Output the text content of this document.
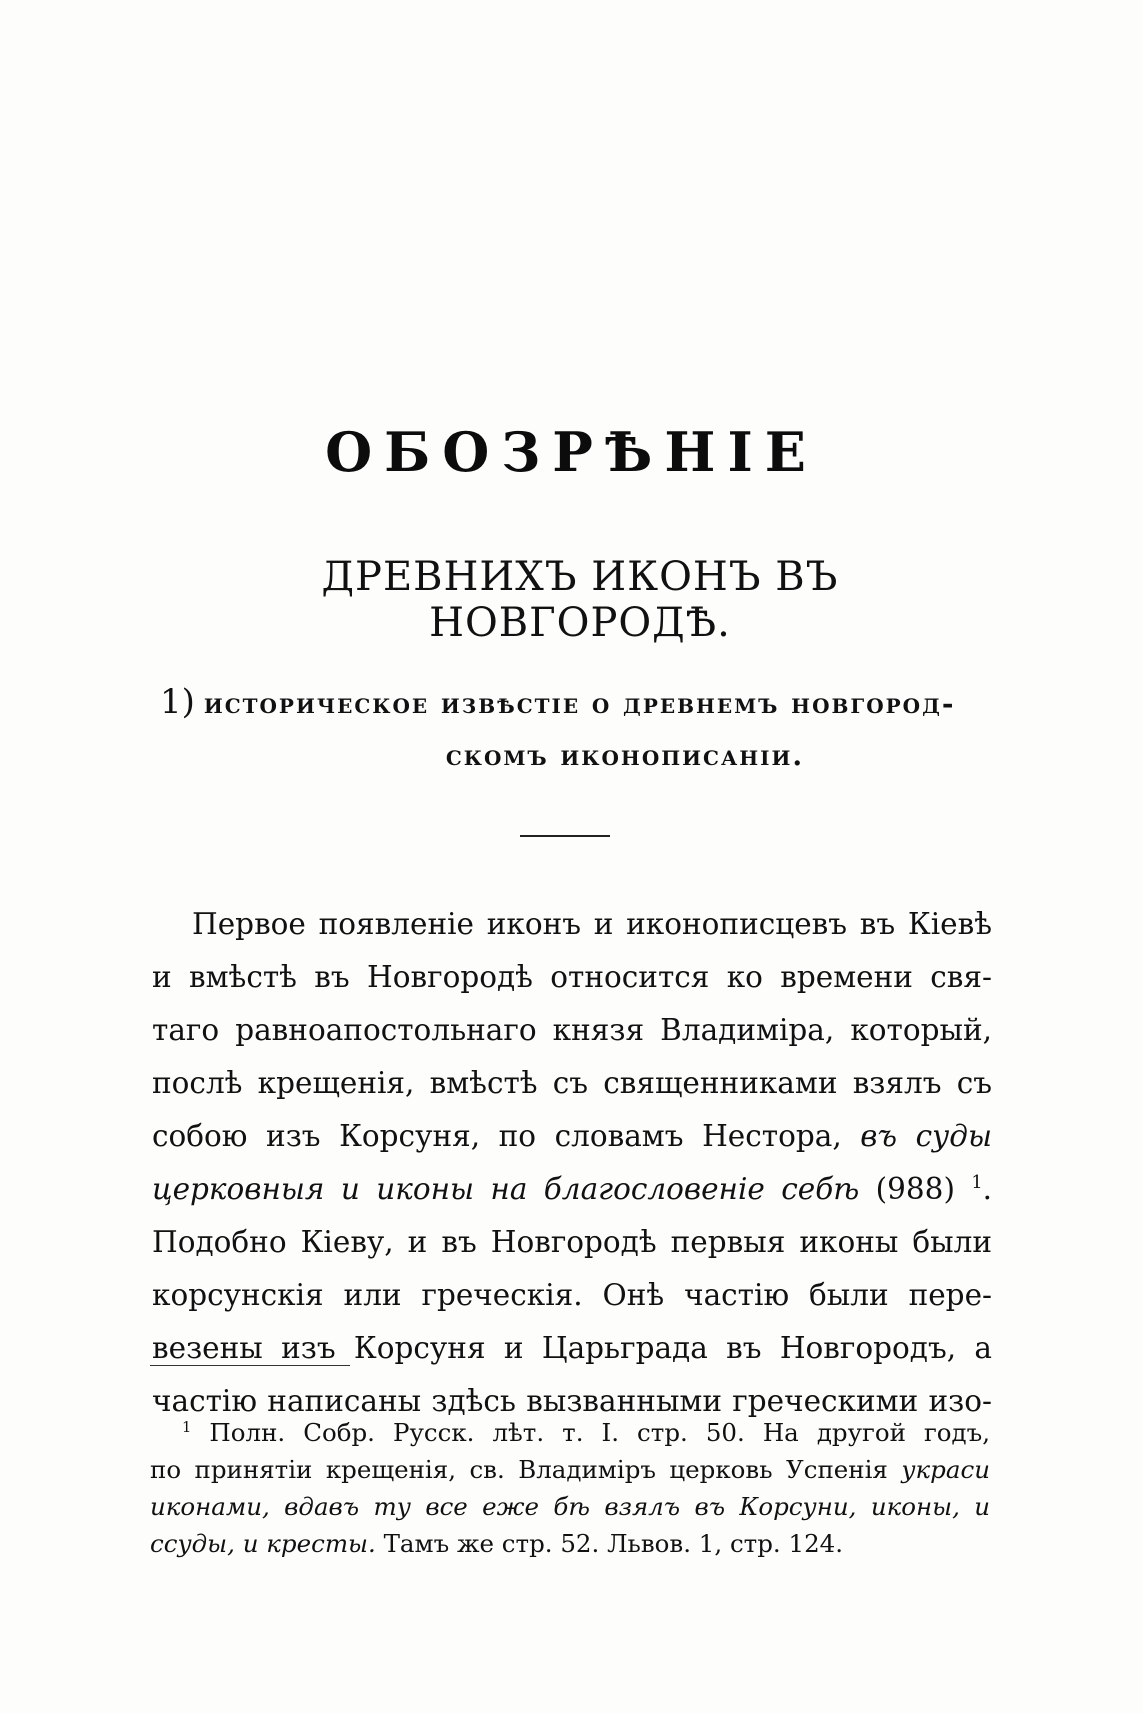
ОБОЗРѢНІЕ
ДРЕВНИХЪ ИКОНЪ ВЪ НОВГОРОДѢ.
1) историческое извѣстіе о древнемъ новгород-
скомъ иконописаніи.
Первое появленіе иконъ и иконописцевъ въ Кіевѣ
и вмѣстѣ въ Новгородѣ относится ко времени свя-
таго равноапостольнаго князя Владиміра, который,
послѣ крещенія, вмѣстѣ съ священниками взялъ съ
собою изъ Корсуня, по словамъ Нестора, въ суды
церковныя и иконы на благословеніе себѣ (988) $^1$.
Подобно Кіеву, и въ Новгородѣ первыя иконы были
корсунскія или греческія. Онѣ частію были пере-
везены изъ Корсуня и Царьграда въ Новгородъ, а
частію написаны здѣсь вызванными греческими изо-
$^1$ Полн. Собр. Русск. лѣт. т. I. стр. 50. На другой годъ,
по принятіи крещенія, св. Владиміръ церковь Успенія украси
иконами, вдавъ ту все еже бѣ взялъ въ Корсуни, иконы, и
ссуды, и кресты. Тамъ же стр. 52. Львов. 1, стр. 124.
